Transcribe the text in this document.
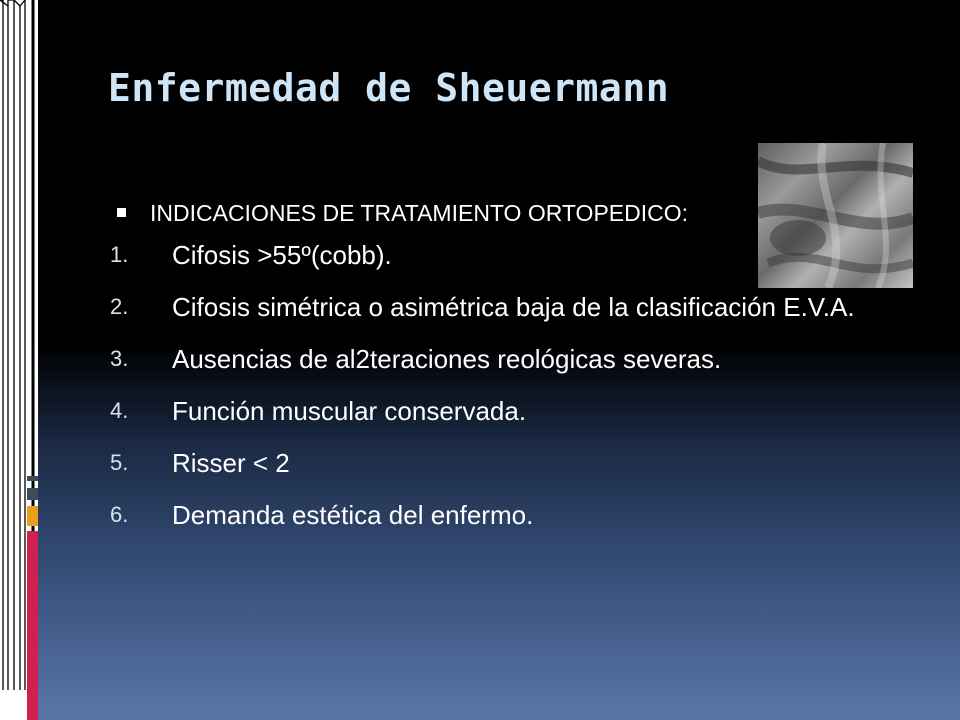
Enfermedad de Sheuermann
INDICACIONES DE TRATAMIENTO ORTOPEDICO:
1. Cifosis >55º(cobb).
2. Cifosis simétrica o asimétrica baja de la clasificación E.V.A.
3. Ausencias de al2teraciones reológicas severas.
4. Función muscular conservada.
5. Risser < 2
6. Demanda estética del enfermo.
